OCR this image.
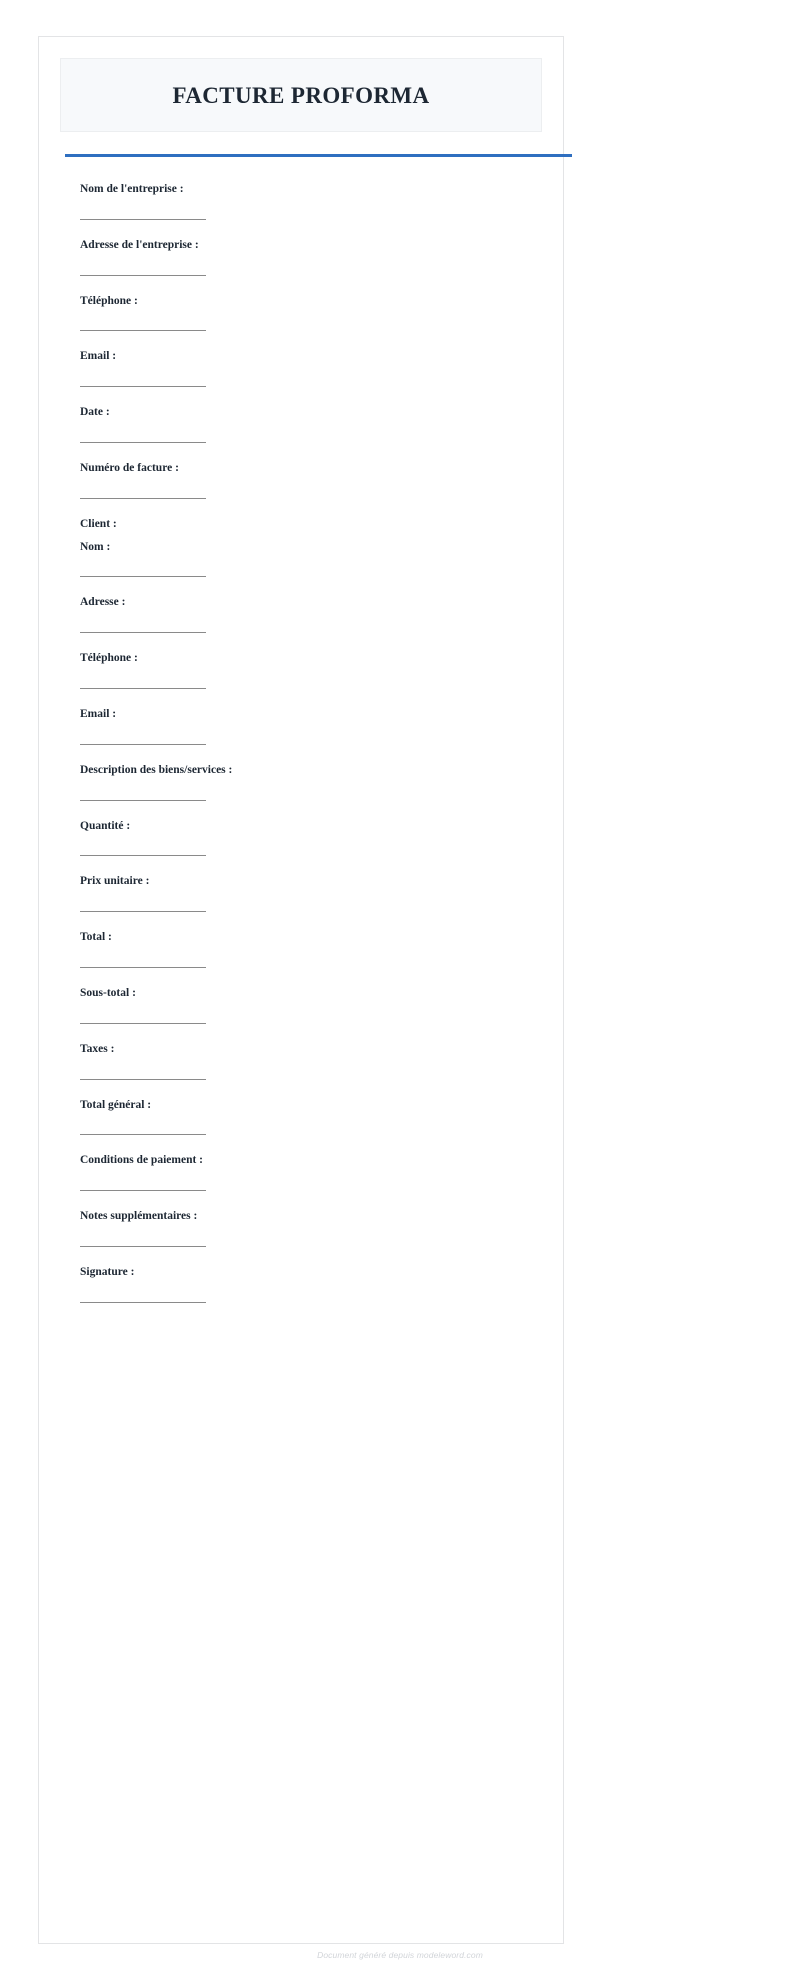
FACTURE PROFORMA
Nom de l'entreprise :
Adresse de l'entreprise :
Téléphone :
Email :
Date :
Numéro de facture :
Client :
Nom :
Adresse :
Téléphone :
Email :
Description des biens/services :
Quantité :
Prix unitaire :
Total :
Sous-total :
Taxes :
Total général :
Conditions de paiement :
Notes supplémentaires :
Signature :
Document généré depuis modeleword.com
